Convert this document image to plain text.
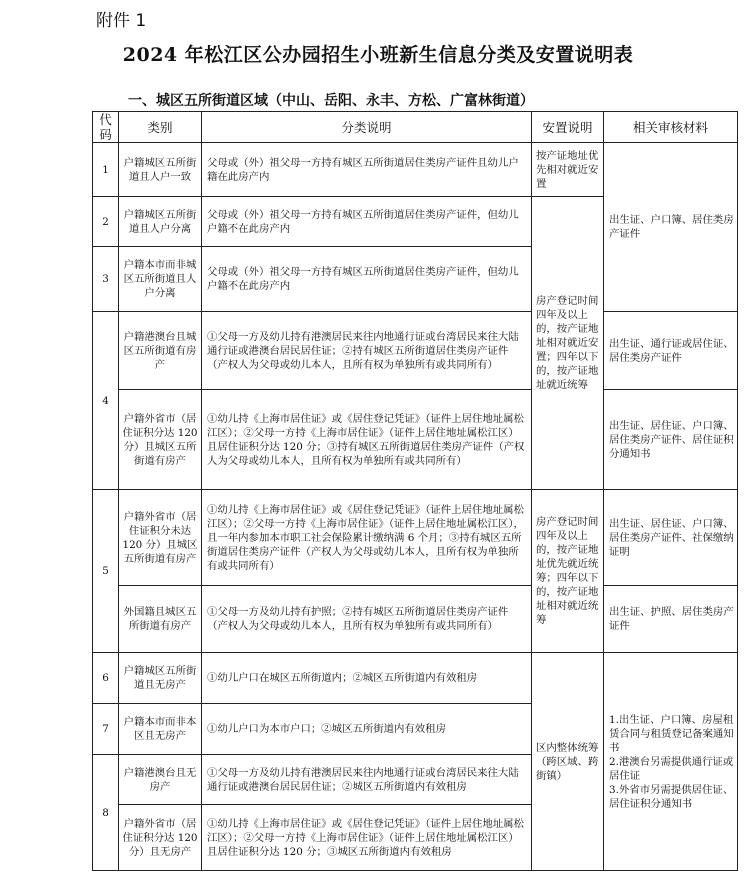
附件 1
2024 年松江区公办园招生小班新生信息分类及安置说明表
一、城区五所街道区域（中山、岳阳、永丰、方松、广富林街道）
代码	类别	分类说明	安置说明	相关审核材料
1	户籍城区五所街道且人户一致	父母或（外）祖父母一方持有城区五所街道居住类房产证件且幼儿户籍在此房产内	按产证地址优先相对就近安置	出生证、户口簿、居住类房产证件
2	户籍城区五所街道且人户分离	父母或（外）祖父母一方持有城区五所街道居住类房产证件，但幼儿户籍不在此房产内	房产登记时间四年及以上的，按产证地址相对就近安置；四年以下的，按产证地址就近统筹	
3	户籍本市而非城区五所街道且人户分离	父母或（外）祖父母一方持有城区五所街道居住类房产证件，但幼儿户籍不在此房产内		
4	户籍港澳台且城区五所街道有房产	①父母一方及幼儿持有港澳居民来往内地通行证或台湾居民来往大陆通行证或港澳台居民居住证；②持有城区五所街道居住类房产证件（产权人为父母或幼儿本人，且所有权为单独所有或共同所有）		出生证、通行证或居住证、居住类房产证件
	户籍外省市（居住证积分达 120 分）且城区五所街道有房产	①幼儿持《上海市居住证》或《居住登记凭证》（证件上居住地址属松江区）；②父母一方持《上海市居住证》（证件上居住地址属松江区）且居住证积分达 120 分；③持有城区五所街道居住类房产证件（产权人为父母或幼儿本人，且所有权为单独所有或共同所有）		出生证、居住证、户口簿、居住类房产证件、居住证积分通知书
5	户籍外省市（居住证积分未达 120 分）且城区五所街道有房产	①幼儿持《上海市居住证》或《居住登记凭证》（证件上居住地址属松江区）；②父母一方持《上海市居住证》（证件上居住地址属松江区），且一年内参加本市职工社会保险累计缴纳满 6 个月；③持有城区五所街道居住类房产证件（产权人为父母或幼儿本人，且所有权为单独所有或共同所有）	房产登记时间四年及以上的，按产证地址优先就近统筹；四年以下的，按产证地址相对就近统筹	出生证、居住证、户口簿、居住类房产证件、社保缴纳证明
	外国籍且城区五所街道有房产	①父母一方及幼儿持有护照；②持有城区五所街道居住类房产证件（产权人为父母或幼儿本人，且所有权为单独所有或共同所有）		出生证、护照、居住类房产证件
6	户籍城区五所街道且无房产	①幼儿户口在城区五所街道内；②城区五所街道内有效租房	区内整体统筹（跨区域、跨街镇）	1.出生证、户口簿、房屋租赁合同与租赁登记备案通知书
2.港澳台另需提供通行证或居住证
3.外省市另需提供居住证、居住证积分通知书
7	户籍本市而非本区且无房产	①幼儿户口为本市户口；②城区五所街道内有效租房		
8	户籍港澳台且无房产	①父母一方及幼儿持有港澳居民来往内地通行证或台湾居民来往大陆通行证或港澳台居民居住证；②城区五所街道内有效租房		
	户籍外省市（居住证积分达 120 分）且无房产	①幼儿持《上海市居住证》或《居住登记凭证》（证件上居住地址属松江区）；②父母一方持《上海市居住证》（证件上居住地址属松江区）且居住证积分达 120 分；③城区五所街道内有效租房		
